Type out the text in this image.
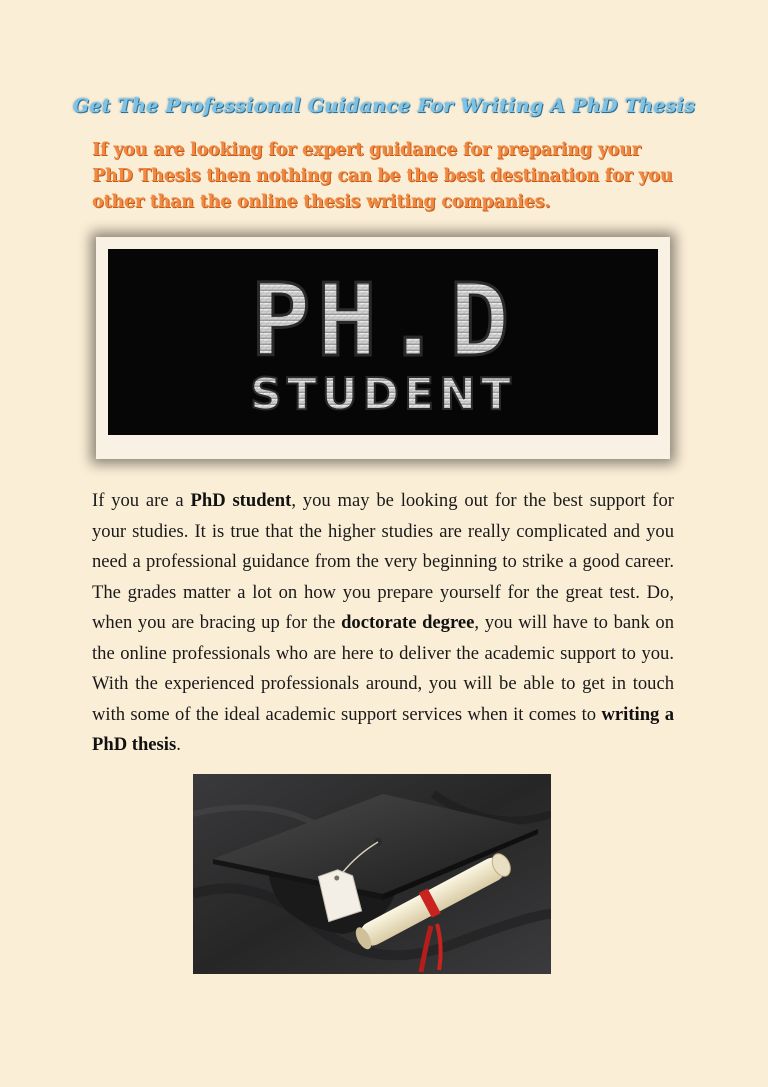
Get The Professional Guidance For Writing A PhD Thesis
If you are looking for expert guidance for preparing your PhD Thesis then nothing can be the best destination for you other than the online thesis writing companies.
PH.D
STUDENT
If you are a PhD student, you may be looking out for the best support for your studies. It is true that the higher studies are really complicated and you need a professional guidance from the very beginning to strike a good career. The grades matter a lot on how you prepare yourself for the great test. Do, when you are bracing up for the doctorate degree, you will have to bank on the online professionals who are here to deliver the academic support to you. With the experienced professionals around, you will be able to get in touch with some of the ideal academic support services when it comes to writing a PhD thesis.
